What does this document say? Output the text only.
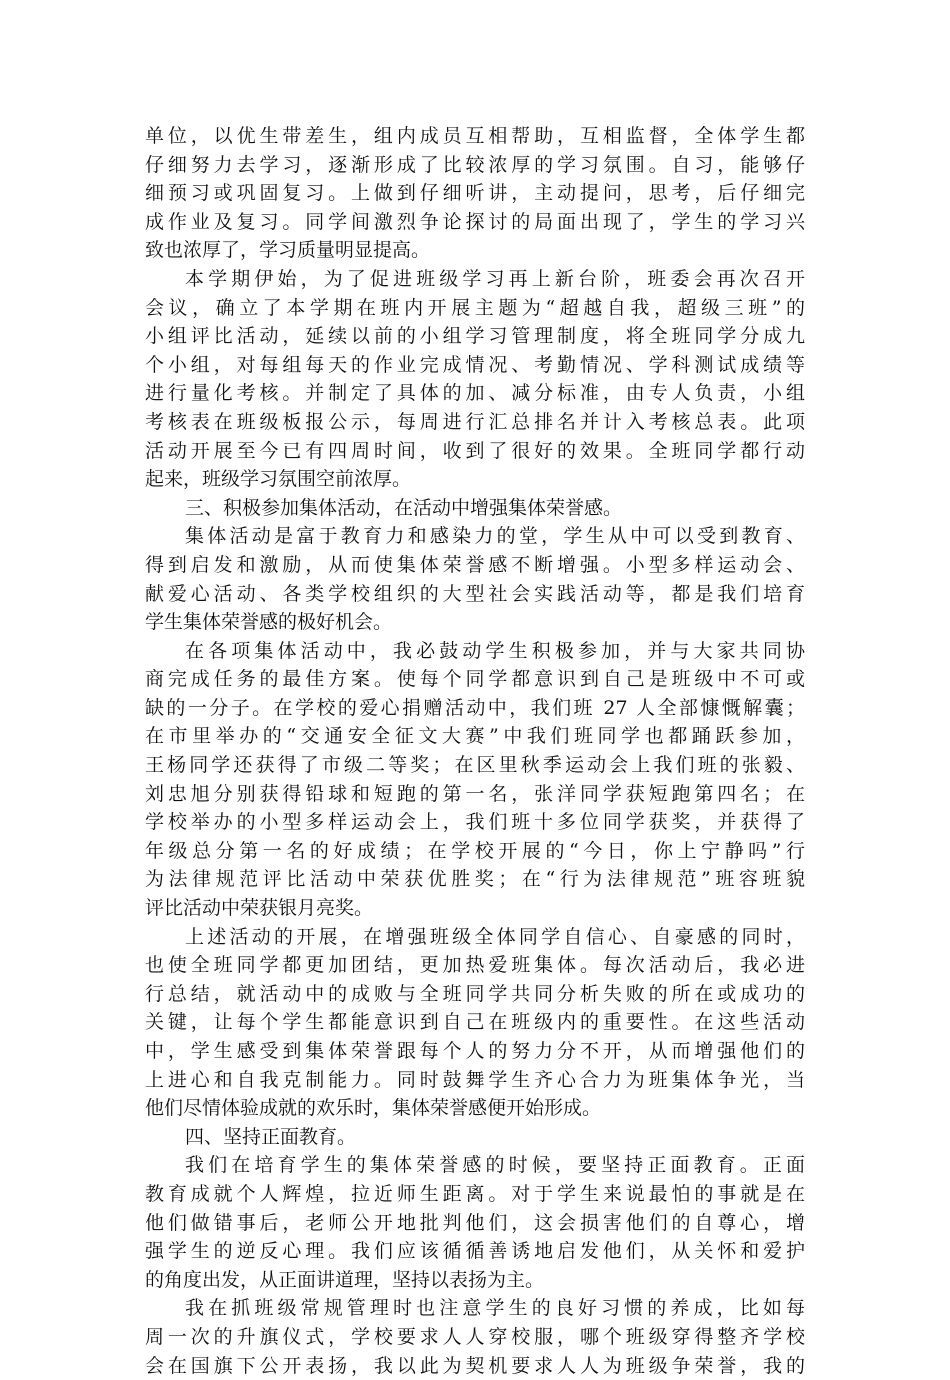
单位，以优生带差生，组内成员互相帮助，互相监督，全体学生都
仔细努力去学习，逐渐形成了比较浓厚的学习氛围。自习，能够仔
细预习或巩固复习。上做到仔细听讲，主动提问，思考，后仔细完
成作业及复习。同学间激烈争论探讨的局面出现了，学生的学习兴
致也浓厚了，学习质量明显提高。
本学期伊始，为了促进班级学习再上新台阶，班委会再次召开
会议，确立了本学期在班内开展主题为“超越自我，超级三班”的
小组评比活动，延续以前的小组学习管理制度，将全班同学分成九
个小组，对每组每天的作业完成情况、考勤情况、学科测试成绩等
进行量化考核。并制定了具体的加、减分标准，由专人负责，小组
考核表在班级板报公示，每周进行汇总排名并计入考核总表。此项
活动开展至今已有四周时间，收到了很好的效果。全班同学都行动
起来，班级学习氛围空前浓厚。
三、积极参加集体活动，在活动中增强集体荣誉感。
集体活动是富于教育力和感染力的堂，学生从中可以受到教育、
得到启发和激励，从而使集体荣誉感不断增强。小型多样运动会、
献爱心活动、各类学校组织的大型社会实践活动等，都是我们培育
学生集体荣誉感的极好机会。
在各项集体活动中，我必鼓动学生积极参加，并与大家共同协
商完成任务的最佳方案。使每个同学都意识到自己是班级中不可或
缺的一分子。在学校的爱心捐赠活动中，我们班 27 人全部慷慨解囊；
在市里举办的“交通安全征文大赛”中我们班同学也都踊跃参加，
王杨同学还获得了市级二等奖；在区里秋季运动会上我们班的张毅、
刘忠旭分别获得铅球和短跑的第一名，张洋同学获短跑第四名；在
学校举办的小型多样运动会上，我们班十多位同学获奖，并获得了
年级总分第一名的好成绩；在学校开展的“今日，你上宁静吗”行
为法律规范评比活动中荣获优胜奖；在“行为法律规范”班容班貌
评比活动中荣获银月亮奖。
上述活动的开展，在增强班级全体同学自信心、自豪感的同时，
也使全班同学都更加团结，更加热爱班集体。每次活动后，我必进
行总结，就活动中的成败与全班同学共同分析失败的所在或成功的
关键，让每个学生都能意识到自己在班级内的重要性。在这些活动
中，学生感受到集体荣誉跟每个人的努力分不开，从而增强他们的
上进心和自我克制能力。同时鼓舞学生齐心合力为班集体争光，当
他们尽情体验成就的欢乐时，集体荣誉感便开始形成。
四、坚持正面教育。
我们在培育学生的集体荣誉感的时候，要坚持正面教育。正面
教育成就个人辉煌，拉近师生距离。对于学生来说最怕的事就是在
他们做错事后，老师公开地批判他们，这会损害他们的自尊心，增
强学生的逆反心理。我们应该循循善诱地启发他们，从关怀和爱护
的角度出发，从正面讲道理，坚持以表扬为主。
我在抓班级常规管理时也注意学生的良好习惯的养成，比如每
周一次的升旗仪式，学校要求人人穿校服，哪个班级穿得整齐学校
会在国旗下公开表扬，我以此为契机要求人人为班级争荣誉，我的
